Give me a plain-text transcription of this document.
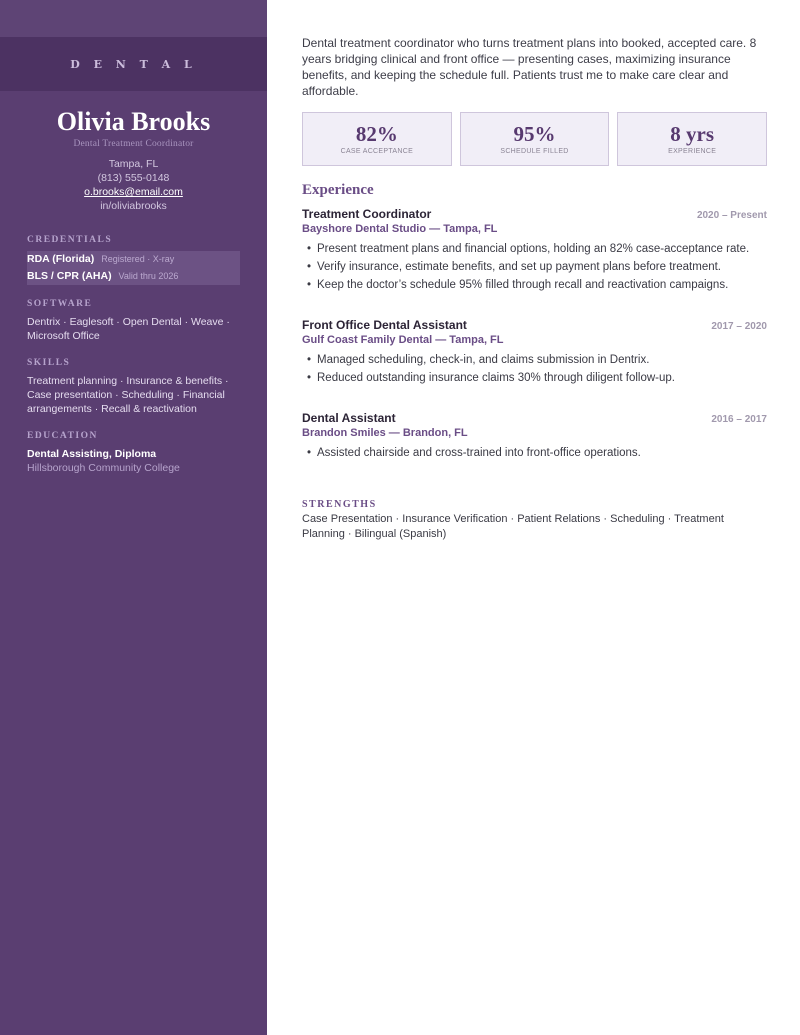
D E N T A L
Olivia Brooks
Dental Treatment Coordinator
Tampa, FL
(813) 555-0148
o.brooks@email.com
in/oliviabrooks
CREDENTIALS
RDA (Florida) Registered · X-ray
BLS / CPR (AHA) Valid thru 2026
SOFTWARE
Dentrix · Eaglesoft · Open Dental · Weave · Microsoft Office
SKILLS
Treatment planning · Insurance & benefits · Case presentation · Scheduling · Financial arrangements · Recall & reactivation
EDUCATION
Dental Assisting, Diploma
Hillsborough Community College
Dental treatment coordinator who turns treatment plans into booked, accepted care. 8 years bridging clinical and front office — presenting cases, maximizing insurance benefits, and keeping the schedule full. Patients trust me to make care clear and affordable.
82%
CASE ACCEPTANCE
95%
SCHEDULE FILLED
8 yrs
EXPERIENCE
Experience
Treatment Coordinator	2020 – Present
Bayshore Dental Studio — Tampa, FL
• Present treatment plans and financial options, holding an 82% case-acceptance rate.
• Verify insurance, estimate benefits, and set up payment plans before treatment.
• Keep the doctor’s schedule 95% filled through recall and reactivation campaigns.
Front Office Dental Assistant	2017 – 2020
Gulf Coast Family Dental — Tampa, FL
• Managed scheduling, check-in, and claims submission in Dentrix.
• Reduced outstanding insurance claims 30% through diligent follow-up.
Dental Assistant	2016 – 2017
Brandon Smiles — Brandon, FL
• Assisted chairside and cross-trained into front-office operations.
STRENGTHS
Case Presentation · Insurance Verification · Patient Relations · Scheduling · Treatment Planning · Bilingual (Spanish)
